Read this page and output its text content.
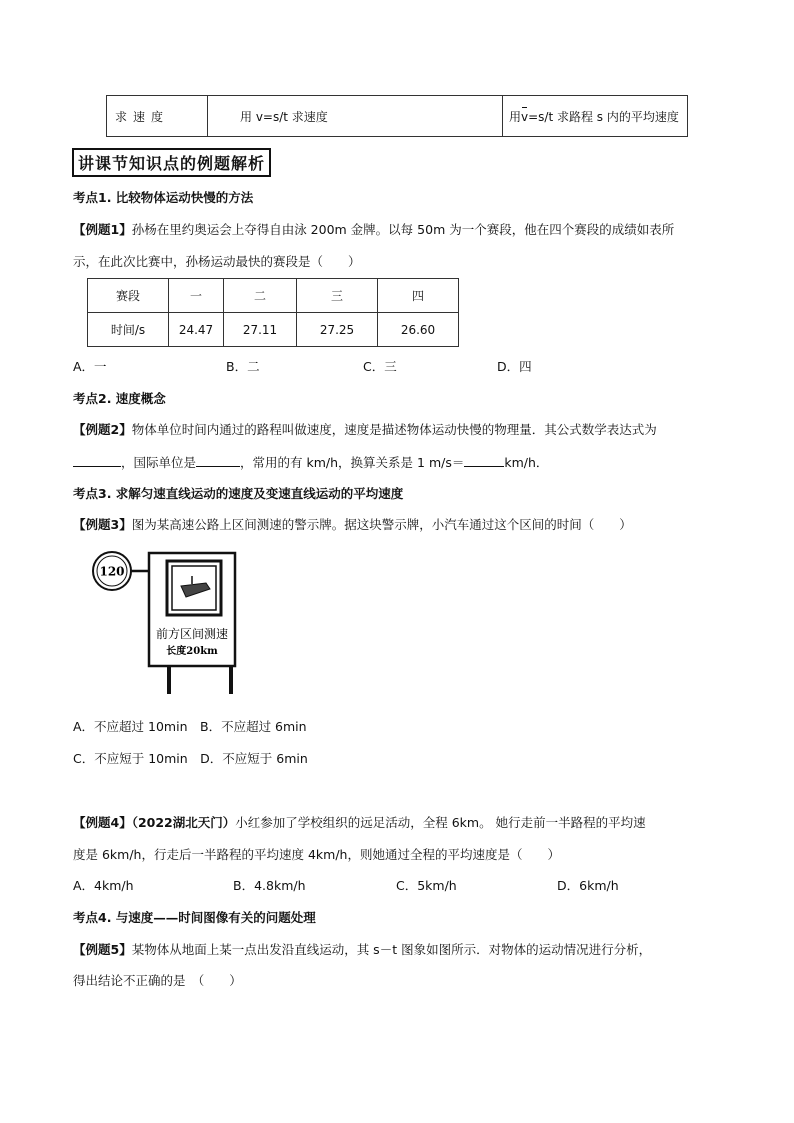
求速度	用 v=s/t 求速度	用v=s/t 求路程 s 内的平均速度
讲课节知识点的例题解析
考点1. 比较物体运动快慢的方法
【例题1】孙杨在里约奥运会上夺得自由泳 200m 金牌。以每 50m 为一个赛段，他在四个赛段的成绩如表所
示，在此次比赛中，孙杨运动最快的赛段是（　　）
赛段	一	二	三	四
时间/s	24.47	27.11	27.25	26.60
A．一	B．二	C．三	D．四
考点2. 速度概念
【例题2】物体单位时间内通过的路程叫做速度，速度是描述物体运动快慢的物理量．其公式数学表达式为
，国际单位是	，常用的有 km/h，换算关系是 1 m/s＝	km/h．
考点3. 求解匀速直线运动的速度及变速直线运动的平均速度
【例题3】图为某高速公路上区间测速的警示牌。据这块警示牌，小汽车通过这个区间的时间（　　）
120
前方区间测速
长度20km
A．不应超过 10min　B．不应超过 6min
C．不应短于 10min　D．不应短于 6min
【例题4】（2022湖北天门）小红参加了学校组织的远足活动，全程 6km。 她行走前一半路程的平均速
度是 6km/h，行走后一半路程的平均速度 4km/h，则她通过全程的平均速度是（　　）
A．4km/h	B．4.8km/h	C．5km/h	D．6km/h
考点4. 与速度——时间图像有关的问题处理
【例题5】某物体从地面上某一点出发沿直线运动，其 s－t 图象如图所示．对物体的运动情况进行分析，
得出结论不正确的是　（　　）
